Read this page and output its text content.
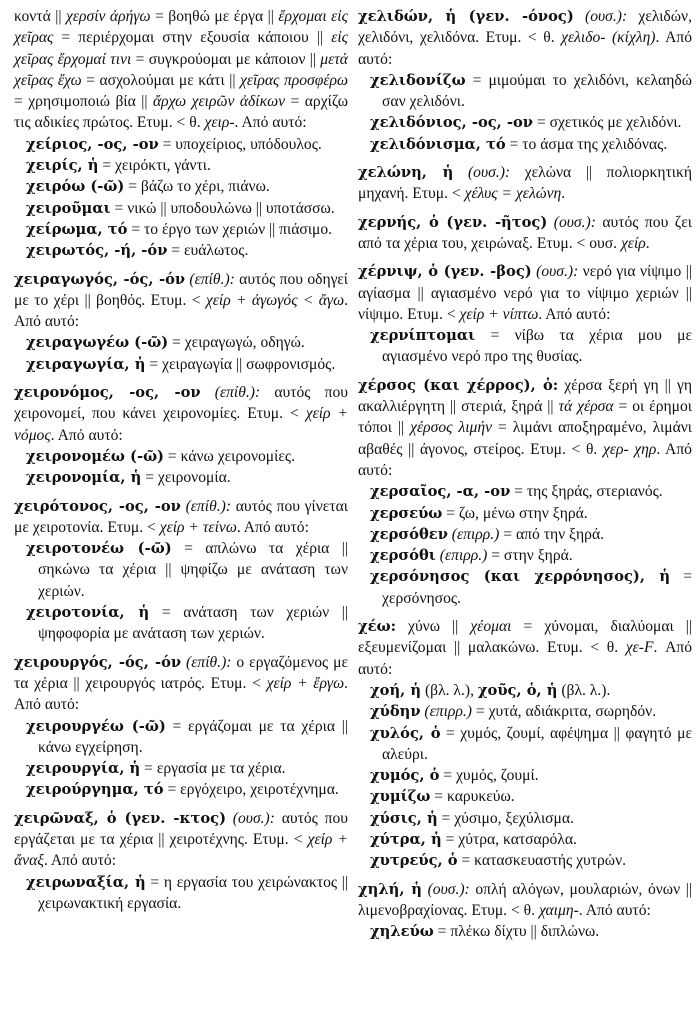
κοντά || χερσίν ἀρήγω = βοηθώ με έργα || ἔρχομαι εἰς χεῖρας = περιέρχομαι στην εξουσία κάποιου || εἰς χεῖρας ἔρχομαί τινι = συγκρούομαι με κάποιον || μετά χεῖρας ἔχω = ασχολούμαι με κάτι || χεῖρας προσφέρω = χρησιμοποιώ βία || ἄρχω χειρῶν ἀδίκων = αρχίζω τις αδικίες πρώτος. Ετυμ. < θ. χειρ-. Από αυτό:
χείριος, -ος, -ον = υποχείριος, υπόδουλος.
χειρίς, ἡ = χειρόκτι, γάντι.
χειρόω (-ῶ) = βάζω το χέρι, πιάνω.
χειροῦμαι = νικώ || υποδουλώνω || υποτάσσω.
χείρωμα, τό = το έργο των χεριών || πιάσιμο.
χειρωτός, -ή, -όν = ευάλωτος.
χειραγωγός, -ός, -όν (επίθ.): αυτός που οδηγεί με το χέρι || βοηθός. Ετυμ. < χείρ + ἀγωγός < ἄγω. Από αυτό:
χειραγωγέω (-ῶ) = χειραγωγώ, οδηγώ.
χειραγωγία, ἡ = χειραγωγία || σωφρονισμός.
χειρονόμος, -ος, -ον (επίθ.): αυτός που χειρονομεί, που κάνει χειρονομίες. Ετυμ. < χείρ + νόμος. Από αυτό:
χειρονομέω (-ῶ) = κάνω χειρονομίες.
χειρονομία, ἡ = χειρονομία.
χειρότονος, -ος, -ον (επίθ.): αυτός που γίνεται με χειροτονία. Ετυμ. < χείρ + τείνω. Από αυτό:
χειροτονέω (-ῶ) = απλώνω τα χέρια || σηκώνω τα χέρια || ψηφίζω με ανάταση των χεριών.
χειροτονία, ἡ = ανάταση των χεριών || ψηφοφορία με ανάταση των χεριών.
χειρουργός, -ός, -όν (επίθ.): ο εργαζόμενος με τα χέρια || χειρουργός ιατρός. Ετυμ. < χείρ + ἔργω. Από αυτό:
χειρουργέω (-ῶ) = εργάζομαι με τα χέρια || κάνω εγχείρηση.
χειρουργία, ἡ = εργασία με τα χέρια.
χειρούργημα, τό = εργόχειρο, χειροτέχνημα.
χειρῶναξ, ὁ (γεν. -κτος) (ουσ.): αυτός που εργάζεται με τα χέρια || χειροτέχνης. Ετυμ. < χείρ + ἄναξ. Από αυτό:
χειρωναξία, ἡ = η εργασία του χειρώνακτος || χειρωνακτική εργασία.
χελιδών, ἡ (γεν. -όνος) (ουσ.): χελιδών, χελιδόνι, χελιδόνα. Ετυμ. < θ. χελιδο- (κίχλη). Από αυτό:
χελιδονίζω = μιμούμαι το χελιδόνι, κελαηδώ σαν χελιδόνι.
χελιδόνιος, -ος, -ον = σχετικός με χελιδόνι.
χελιδόνισμα, τό = το άσμα της χελιδόνας.
χελώνη, ἡ (ουσ.): χελώνα || πολιορκητική μηχανή. Ετυμ. < χέλυς = χελώνη.
χερνής, ὁ (γεν. -ῆτος) (ουσ.): αυτός που ζει από τα χέρια του, χειρώναξ. Ετυμ. < ουσ. χείρ.
χέρνιψ, ὁ (γεν. -βος) (ουσ.): νερό για νίψιμο || αγίασμα || αγιασμένο νερό για το νίψιμο χεριών || νίψιμο. Ετυμ. < χείρ + νίπτω. Από αυτό:
χερνίπτομαι = νίβω τα χέρια μου με αγιασμένο νερό προ της θυσίας.
χέρσος (και χέρρος), ὁ: χέρσα ξερή γη || γη ακαλλιέργητη || στεριά, ξηρά || τά χέρσα = οι έρημοι τόποι || χέρσος λιμήν = λιμάνι αποξηραμένο, λιμάνι αβαθές || άγονος, στείρος. Ετυμ. < θ. χερ- χηρ. Από αυτό:
χερσαῖος, -α, -ον = της ξηράς, στεριανός.
χερσεύω = ζω, μένω στην ξηρά.
χερσόθεν (επιρρ.) = από την ξηρά.
χερσόθι (επιρρ.) = στην ξηρά.
χερσόνησος (και χερρόνησος), ἡ = χερσόνησος.
χέω: χύνω || χέομαι = χύνομαι, διαλύομαι || εξευμενίζομαι || μαλακώνω. Ετυμ. < θ. χε-F. Από αυτό:
χοή, ἡ (βλ. λ.), χοῦς, ὁ, ἡ (βλ. λ.).
χύδην (επιρρ.) = χυτά, αδιάκριτα, σωρηδόν.
χυλός, ὁ = χυμός, ζουμί, αφέψημα || φαγητό με αλεύρι.
χυμός, ὁ = χυμός, ζουμί.
χυμίζω = καρυκεύω.
χύσις, ἡ = χύσιμο, ξεχύλισμα.
χύτρα, ἡ = χύτρα, κατσαρόλα.
χυτρεύς, ὁ = κατασκευαστής χυτρών.
χηλή, ἡ (ουσ.): οπλή αλόγων, μουλαριών, όνων || λιμενοβραχίονας. Ετυμ. < θ. χαιμη-. Από αυτό:
χηλεύω = πλέκω δίχτυ || διπλώνω.
